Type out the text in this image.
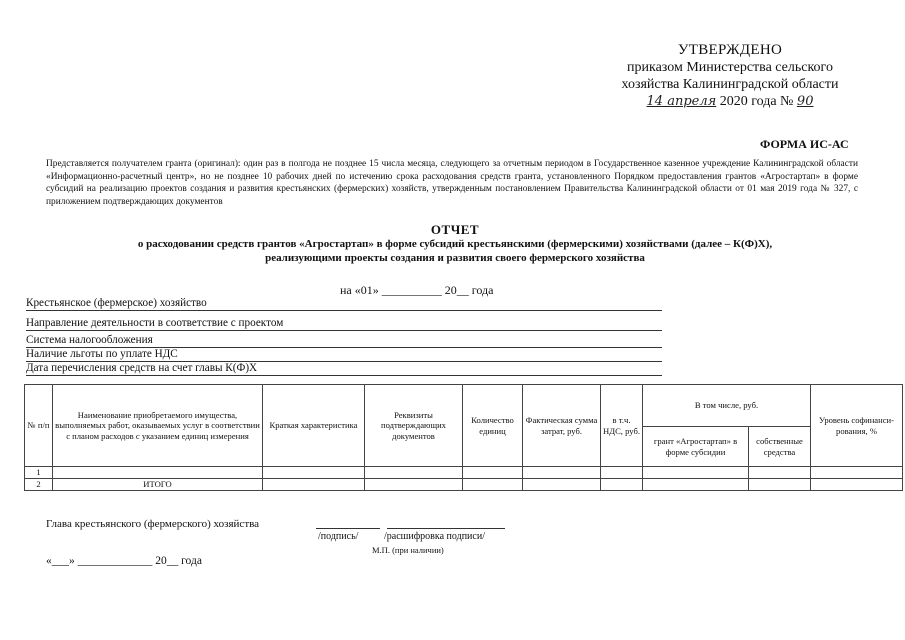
УТВЕРЖДЕНО
приказом Министерства сельского
хозяйства Калининградской области
14 апреля 2020 года № 90
ФОРМА ИС-АС
Представляется получателем гранта (оригинал): один раз в полгода не позднее 15 числа месяца, следующего за отчетным периодом в Государственное казенное учреждение Калининградской области «Информационно-расчетный центр», но не позднее 10 рабочих дней по истечению срока расходования средств гранта, установленного Порядком предоставления грантов «Агростартап» в форме субсидий на реализацию проектов создания и развития крестьянских (фермерских) хозяйств, утвержденным постановлением Правительства Калининградской области от 01 мая 2019 года № 327, с приложением подтверждающих документов
ОТЧЕТ
о расходовании средств грантов «Агростартап» в форме субсидий крестьянскими (фермерскими) хозяйствами (далее – К(Ф)Х),
реализующими проекты создания и развития своего фермерского хозяйства
на «01» __________ 20__ года
Крестьянское (фермерское) хозяйство
Направление деятельности в соответствие с проектом
Система налогообложения
Наличие льготы по уплате НДС
Дата перечисления средств на счет главы К(Ф)Х
№ п/п	Наименование приобретаемого имущества, выполняемых работ, оказываемых услуг в соответствии с планом расходов с указанием единиц измерения	Краткая характеристика	Реквизиты подтверждающих документов	Количество единиц	Фактическая сумма затрат, руб.	в т.ч. НДС, руб.	В том числе, руб.		Уровень софинанси-рования, %
							грант «Агростартап» в форме субсидии	собственные средства	
1									
2	ИТОГО								
Глава крестьянского (фермерского) хозяйства
/подпись/	/расшифровка подписи/
М.П. (при наличии)
«___» _____________ 20__ года
